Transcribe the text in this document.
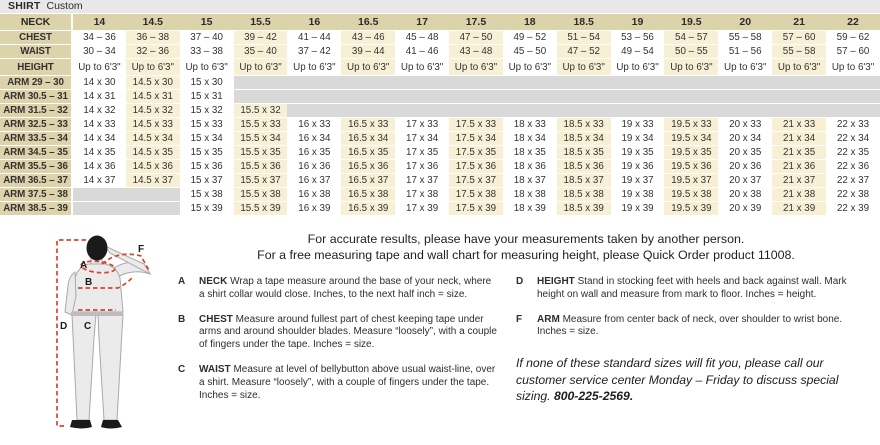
SHIRT Custom															
NECK	14	14.5	15	15.5	16	16.5	17	17.5	18	18.5	19	19.5	20	21	22
CHEST	34 – 36	36 – 38	37 – 40	39 – 42	41 – 44	43 – 46	45 – 48	47 – 50	49 – 52	51 – 54	53 – 56	54 – 57	55 – 58	57 – 60	59 – 62
WAIST	30 – 34	32 – 36	33 – 38	35 – 40	37 – 42	39 – 44	41 – 46	43 – 48	45 – 50	47 – 52	49 – 54	50 – 55	51 – 56	55 – 58	57 – 60
HEIGHT	Up to 6'3"	Up to 6'3"	Up to 6'3"	Up to 6'3"	Up to 6'3"	Up to 6'3"	Up to 6'3"	Up to 6'3"	Up to 6'3"	Up to 6'3"	Up to 6'3"	Up to 6'3"	Up to 6'3"	Up to 6'3"	Up to 6'3"
ARM 29 – 30	14 x 30	14.5 x 30	15 x 30												
ARM 30.5 – 31	14 x 31	14.5 x 31	15 x 31												
ARM 31.5 – 32	14 x 32	14.5 x 32	15 x 32	15.5 x 32											
ARM 32.5 – 33	14 x 33	14.5 x 33	15 x 33	15.5 x 33	16 x 33	16.5 x 33	17 x 33	17.5 x 33	18 x 33	18.5 x 33	19 x 33	19.5 x 33	20 x 33	21 x 33	22 x 33
ARM 33.5 – 34	14 x 34	14.5 x 34	15 x 34	15.5 x 34	16 x 34	16.5 x 34	17 x 34	17.5 x 34	18 x 34	18.5 x 34	19 x 34	19.5 x 34	20 x 34	21 x 34	22 x 34
ARM 34.5 – 35	14 x 35	14.5 x 35	15 x 35	15.5 x 35	16 x 35	16.5 x 35	17 x 35	17.5 x 35	18 x 35	18.5 x 35	19 x 35	19.5 x 35	20 x 35	21 x 35	22 x 35
ARM 35.5 – 36	14 x 36	14.5 x 36	15 x 36	15.5 x 36	16 x 36	16.5 x 36	17 x 36	17.5 x 36	18 x 36	18.5 x 36	19 x 36	19.5 x 36	20 x 36	21 x 36	22 x 36
ARM 36.5 – 37	14 x 37	14.5 x 37	15 x 37	15.5 x 37	16 x 37	16.5 x 37	17 x 37	17.5 x 37	18 x 37	18.5 x 37	19 x 37	19.5 x 37	20 x 37	21 x 37	22 x 37
ARM 37.5 – 38			15 x 38	15.5 x 38	16 x 38	16.5 x 38	17 x 38	17.5 x 38	18 x 38	18.5 x 38	19 x 38	19.5 x 38	20 x 38	21 x 38	22 x 38
ARM 38.5 – 39			15 x 39	15.5 x 39	16 x 39	16.5 x 39	17 x 39	17.5 x 39	18 x 39	18.5 x 39	19 x 39	19.5 x 39	20 x 39	21 x 39	22 x 39
A
B
C
D
F
For accurate results, please have your measurements taken by another person.
For a free measuring tape and wall chart for measuring height, please Quick Order product 11008.
A NECK Wrap a tape measure around the base of your neck, where a shirt collar would close. Inches, to the next half inch = size.
B CHEST Measure around fullest part of chest keeping tape under arms and around shoulder blades. Measure “loosely”, with a couple of fingers under the tape. Inches = size.
C WAIST Measure at level of bellybutton above usual waist-line, over a shirt. Measure “loosely”, with a couple of fingers under the tape. Inches = size.
D HEIGHT Stand in stocking feet with heels and back against wall. Mark height on wall and measure from mark to floor. Inches = height.
F ARM Measure from center back of neck, over shoulder to wrist bone. Inches = size.

If none of these standard sizes will fit you, please call our customer service center Monday – Friday to discuss special sizing. 800-225-2569.
